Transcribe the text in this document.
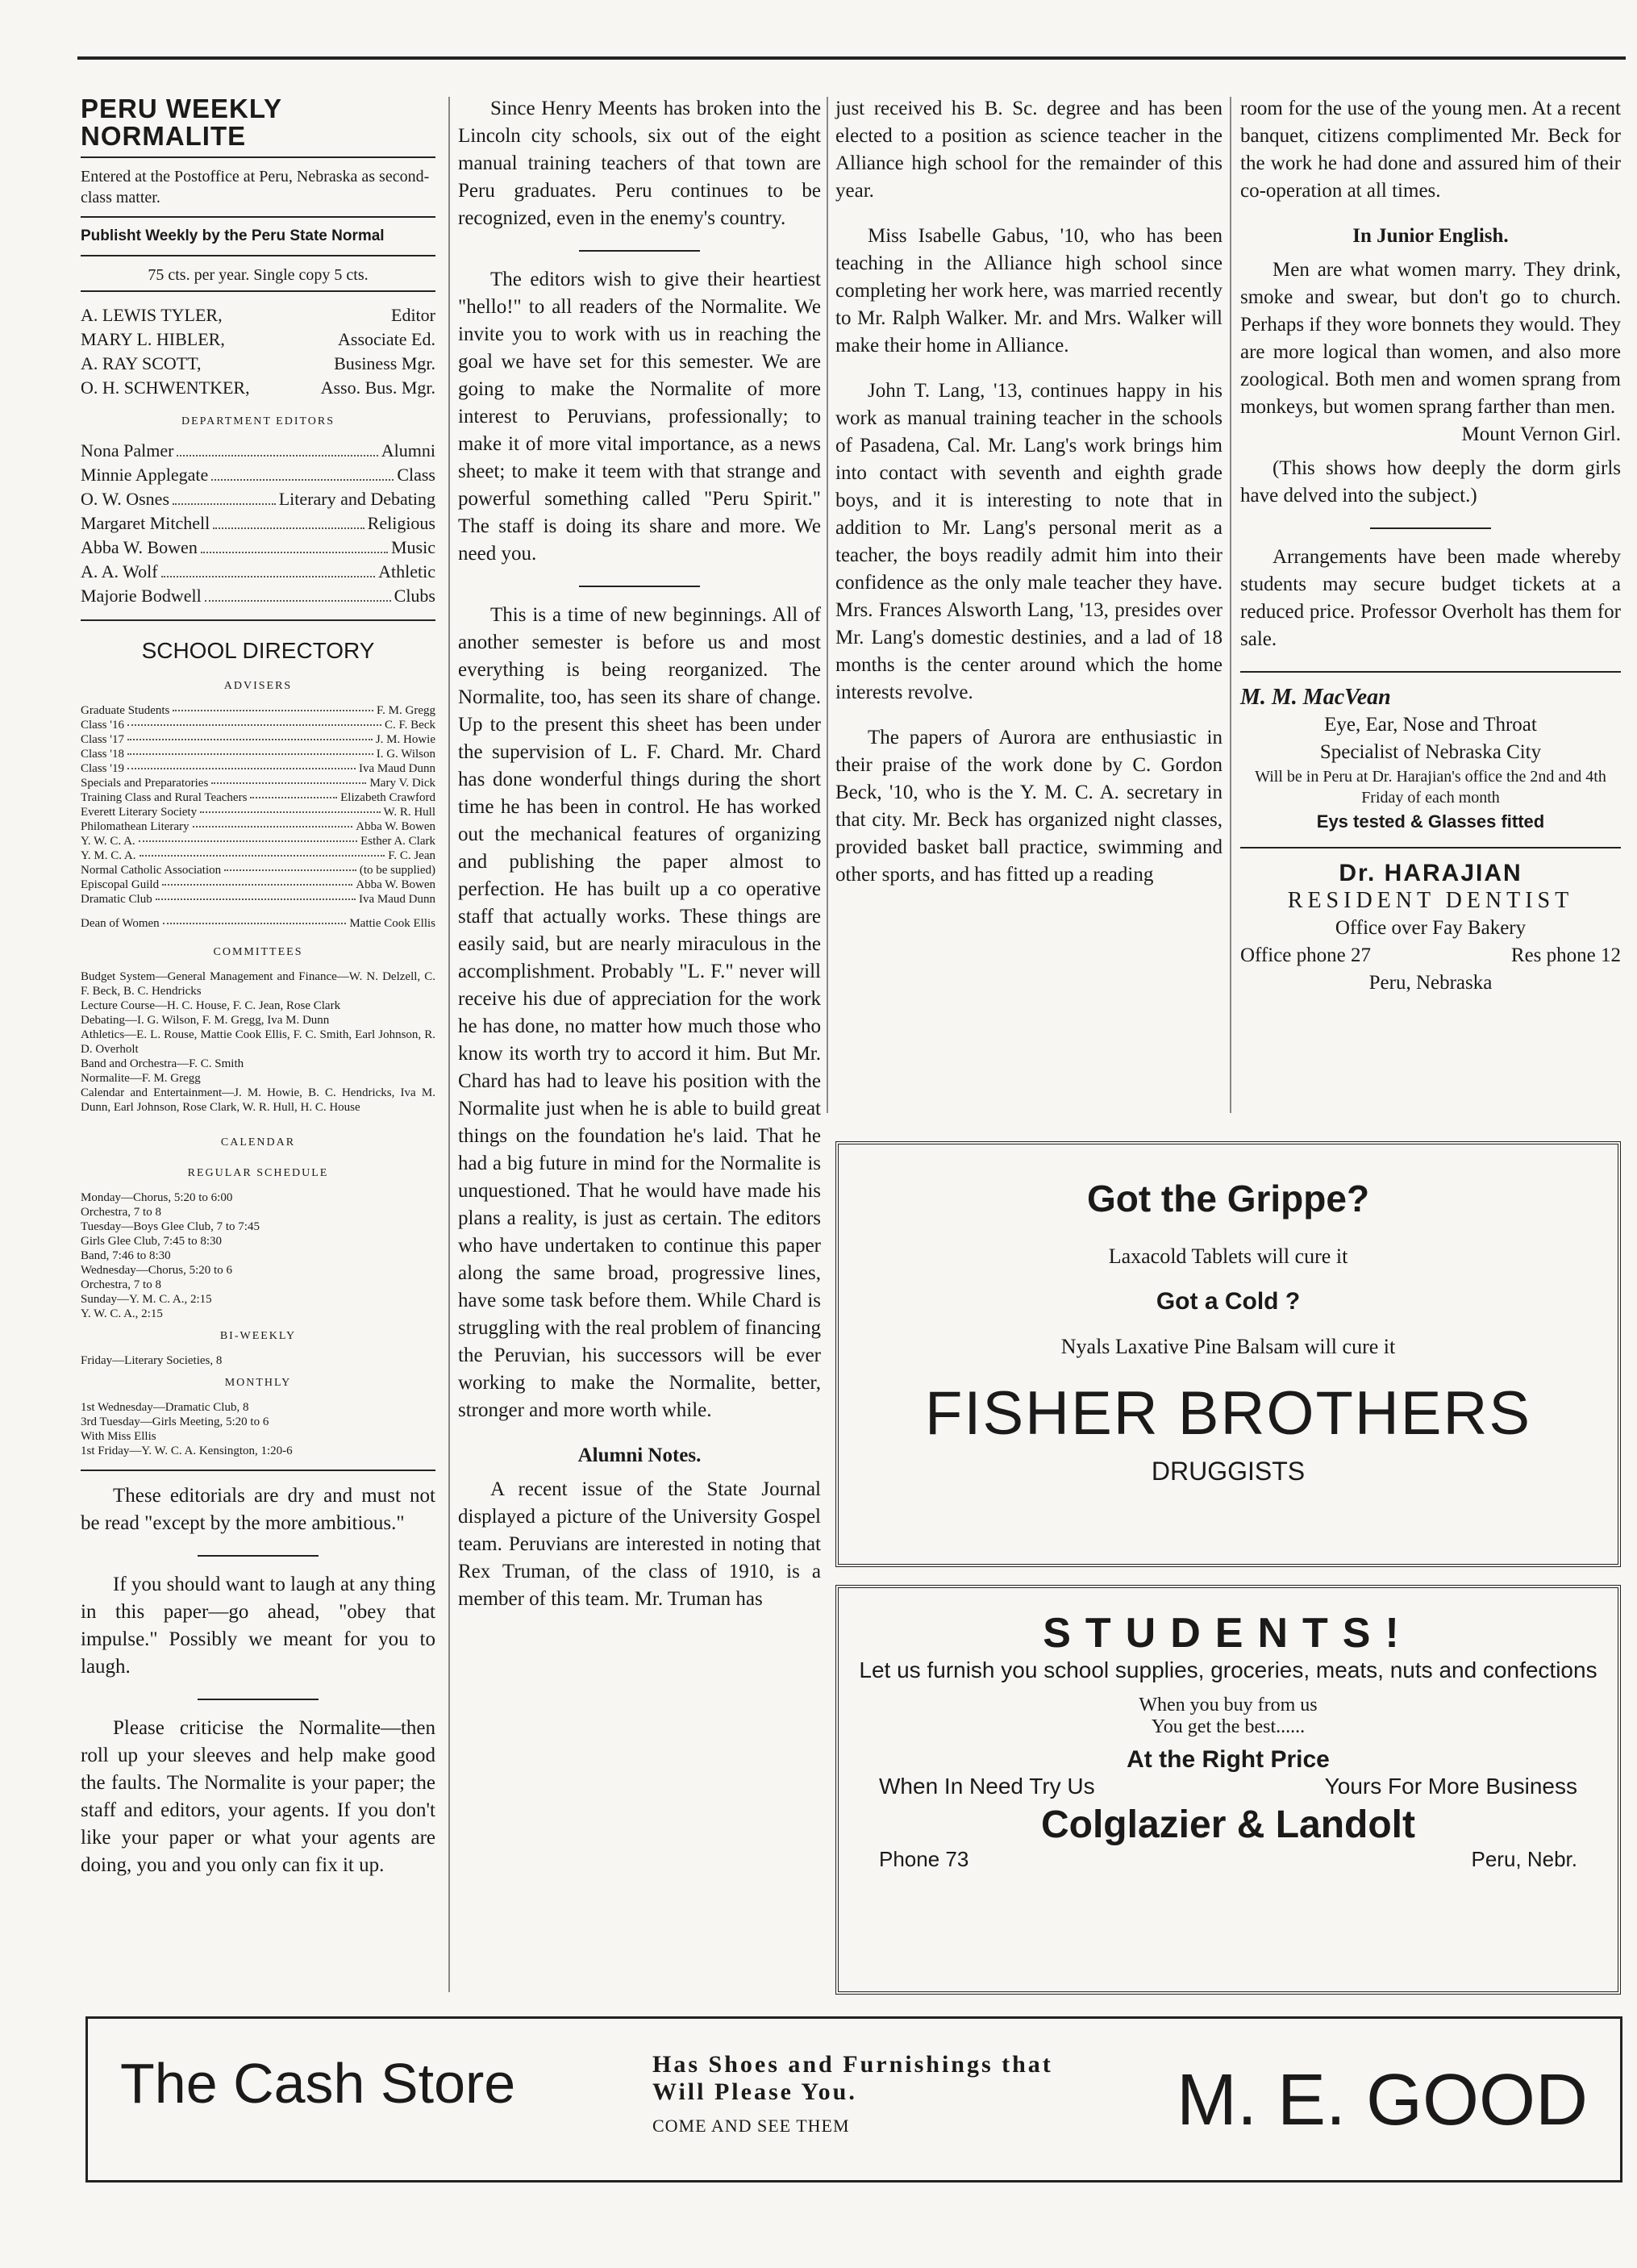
PERU WEEKLY NORMALITE
Entered at the Postoffice at Peru, Nebraska as second-class matter.
Publisht Weekly by the Peru State Normal
75 cts. per year. Single copy 5 cts.
A. LEWIS TYLER,	Editor
MARY L. HIBLER,	Associate Ed.
A. RAY SCOTT,	Business Mgr.
O. H. SCHWENTKER,	Asso. Bus. Mgr.
DEPARTMENT EDITORS
Nona Palmer	Alumni
Minnie Applegate	Class
O. W. Osnes	Literary and Debating
Margaret Mitchell	Religious
Abba W. Bowen	Music
A. A. Wolf	Athletic
Majorie Bodwell	Clubs
SCHOOL DIRECTORY
ADVISERS
Graduate Students	F. M. Gregg
Class '16	C. F. Beck
Class '17	J. M. Howie
Class '18	I. G. Wilson
Class '19	Iva Maud Dunn
Specials and Preparatories	Mary V. Dick
Training Class and Rural Teachers	Elizabeth Crawford
Everett Literary Society	W. R. Hull
Philomathean Literary	Abba W. Bowen
Y. W. C. A.	Esther A. Clark
Y. M. C. A.	F. C. Jean
Normal Catholic Association	(to be supplied)
Episcopal Guild	Abba W. Bowen
Dramatic Club	Iva Maud Dunn
Dean of Women	Mattie Cook Ellis
COMMITTEES
Budget System—General Management and Finance—W. N. Delzell, C. F. Beck, B. C. Hendricks
Lecture Course—H. C. House, F. C. Jean, Rose Clark
Debating—I. G. Wilson, F. M. Gregg, Iva M. Dunn
Athletics—E. L. Rouse, Mattie Cook Ellis, F. C. Smith, Earl Johnson, R. D. Overholt
Band and Orchestra—F. C. Smith
Normalite—F. M. Gregg
Calendar and Entertainment—J. M. Howie, B. C. Hendricks, Iva M. Dunn, Earl Johnson, Rose Clark, W. R. Hull, H. C. House
CALENDAR
REGULAR SCHEDULE
Monday—Chorus, 5:20 to 6:00
Orchestra, 7 to 8
Tuesday—Boys Glee Club, 7 to 7:45
Girls Glee Club, 7:45 to 8:30
Band, 7:46 to 8:30
Wednesday—Chorus, 5:20 to 6
Orchestra, 7 to 8
Sunday—Y. M. C. A., 2:15
Y. W. C. A., 2:15
BI-WEEKLY
Friday—Literary Societies, 8
MONTHLY
1st Wednesday—Dramatic Club, 8
3rd Tuesday—Girls Meeting, 5:20 to 6
With Miss Ellis
1st Friday—Y. W. C. A. Kensington, 1:20-6

These editorials are dry and must not be read "except by the more ambitious."

If you should want to laugh at any thing in this paper—go ahead, "obey that impulse." Possibly we meant for you to laugh.

Please criticise the Normalite—then roll up your sleeves and help make good the faults. The Normalite is your paper; the staff and editors, your agents. If you don't like your paper or what your agents are doing, you and you only can fix it up.

Since Henry Meents has broken into the Lincoln city schools, six out of the eight manual training teachers of that town are Peru graduates. Peru continues to be recognized, even in the enemy's country.

The editors wish to give their heartiest "hello!" to all readers of the Normalite. We invite you to work with us in reaching the goal we have set for this semester. We are going to make the Normalite of more interest to Peruvians, professionally; to make it of more vital importance, as a news sheet; to make it teem with that strange and powerful something called "Peru Spirit." The staff is doing its share and more. We need you.

This is a time of new beginnings. All of another semester is before us and most everything is being reorganized. The Normalite, too, has seen its share of change. Up to the present this sheet has been under the supervision of L. F. Chard. Mr. Chard has done wonderful things during the short time he has been in control. He has worked out the mechanical features of organizing and publishing the paper almost to perfection. He has built up a co operative staff that actually works. These things are easily said, but are nearly miraculous in the accomplishment. Probably "L. F." never will receive his due of appreciation for the work he has done, no matter how much those who know its worth try to accord it him. But Mr. Chard has had to leave his position with the Normalite just when he is able to build great things on the foundation he's laid. That he had a big future in mind for the Normalite is unquestioned. That he would have made his plans a reality, is just as certain. The editors who have undertaken to continue this paper along the same broad, progressive lines, have some task before them. While Chard is struggling with the real problem of financing the Peruvian, his successors will be ever working to make the Normalite, better, stronger and more worth while.

Alumni Notes.

A recent issue of the State Journal displayed a picture of the University Gospel team. Peruvians are interested in noting that Rex Truman, of the class of 1910, is a member of this team. Mr. Truman has

just received his B. Sc. degree and has been elected to a position as science teacher in the Alliance high school for the remainder of this year.

Miss Isabelle Gabus, '10, who has been teaching in the Alliance high school since completing her work here, was married recently to Mr. Ralph Walker. Mr. and Mrs. Walker will make their home in Alliance.

John T. Lang, '13, continues happy in his work as manual training teacher in the schools of Pasadena, Cal. Mr. Lang's work brings him into contact with seventh and eighth grade boys, and it is interesting to note that in addition to Mr. Lang's personal merit as a teacher, the boys readily admit him into their confidence as the only male teacher they have. Mrs. Frances Alsworth Lang, '13, presides over Mr. Lang's domestic destinies, and a lad of 18 months is the center around which the home interests revolve.

The papers of Aurora are enthusiastic in their praise of the work done by C. Gordon Beck, '10, who is the Y. M. C. A. secretary in that city. Mr. Beck has organized night classes, provided basket ball practice, swimming and other sports, and has fitted up a reading

room for the use of the young men. At a recent banquet, citizens complimented Mr. Beck for the work he had done and assured him of their co-operation at all times.

In Junior English.

Men are what women marry. They drink, smoke and swear, but don't go to church. Perhaps if they wore bonnets they would. They are more logical than women, and also more zoological. Both men and women sprang from monkeys, but women sprang farther than men.

Mount Vernon Girl.

(This shows how deeply the dorm girls have delved into the subject.)

Arrangements have been made whereby students may secure budget tickets at a reduced price. Professor Overholt has them for sale.

M. M. MacVean
Eye, Ear, Nose and Throat
Specialist of Nebraska City
Will be in Peru at Dr. Harajian's office the 2nd and 4th Friday of each month
Eys tested & Glasses fitted
Dr. HARAJIAN
RESIDENT DENTIST
Office over Fay Bakery
Office phone 27	Res phone 12
Peru, Nebraska
Got the Grippe?
Laxacold Tablets will cure it
Got a Cold ?
Nyals Laxative Pine Balsam will cure it
FISHER BROTHERS
DRUGGISTS
STUDENTS!
Let us furnish you school supplies, groceries, meats, nuts and confections
When you buy from us
You get the best......
At the Right Price
When In Need Try Us	Yours For More Business
Colglazier & Landolt
Phone 73	Peru, Nebr.
The Cash Store	Has Shoes and Furnishings that
Will Please You.
COME AND SEE THEM	M. E. GOOD
